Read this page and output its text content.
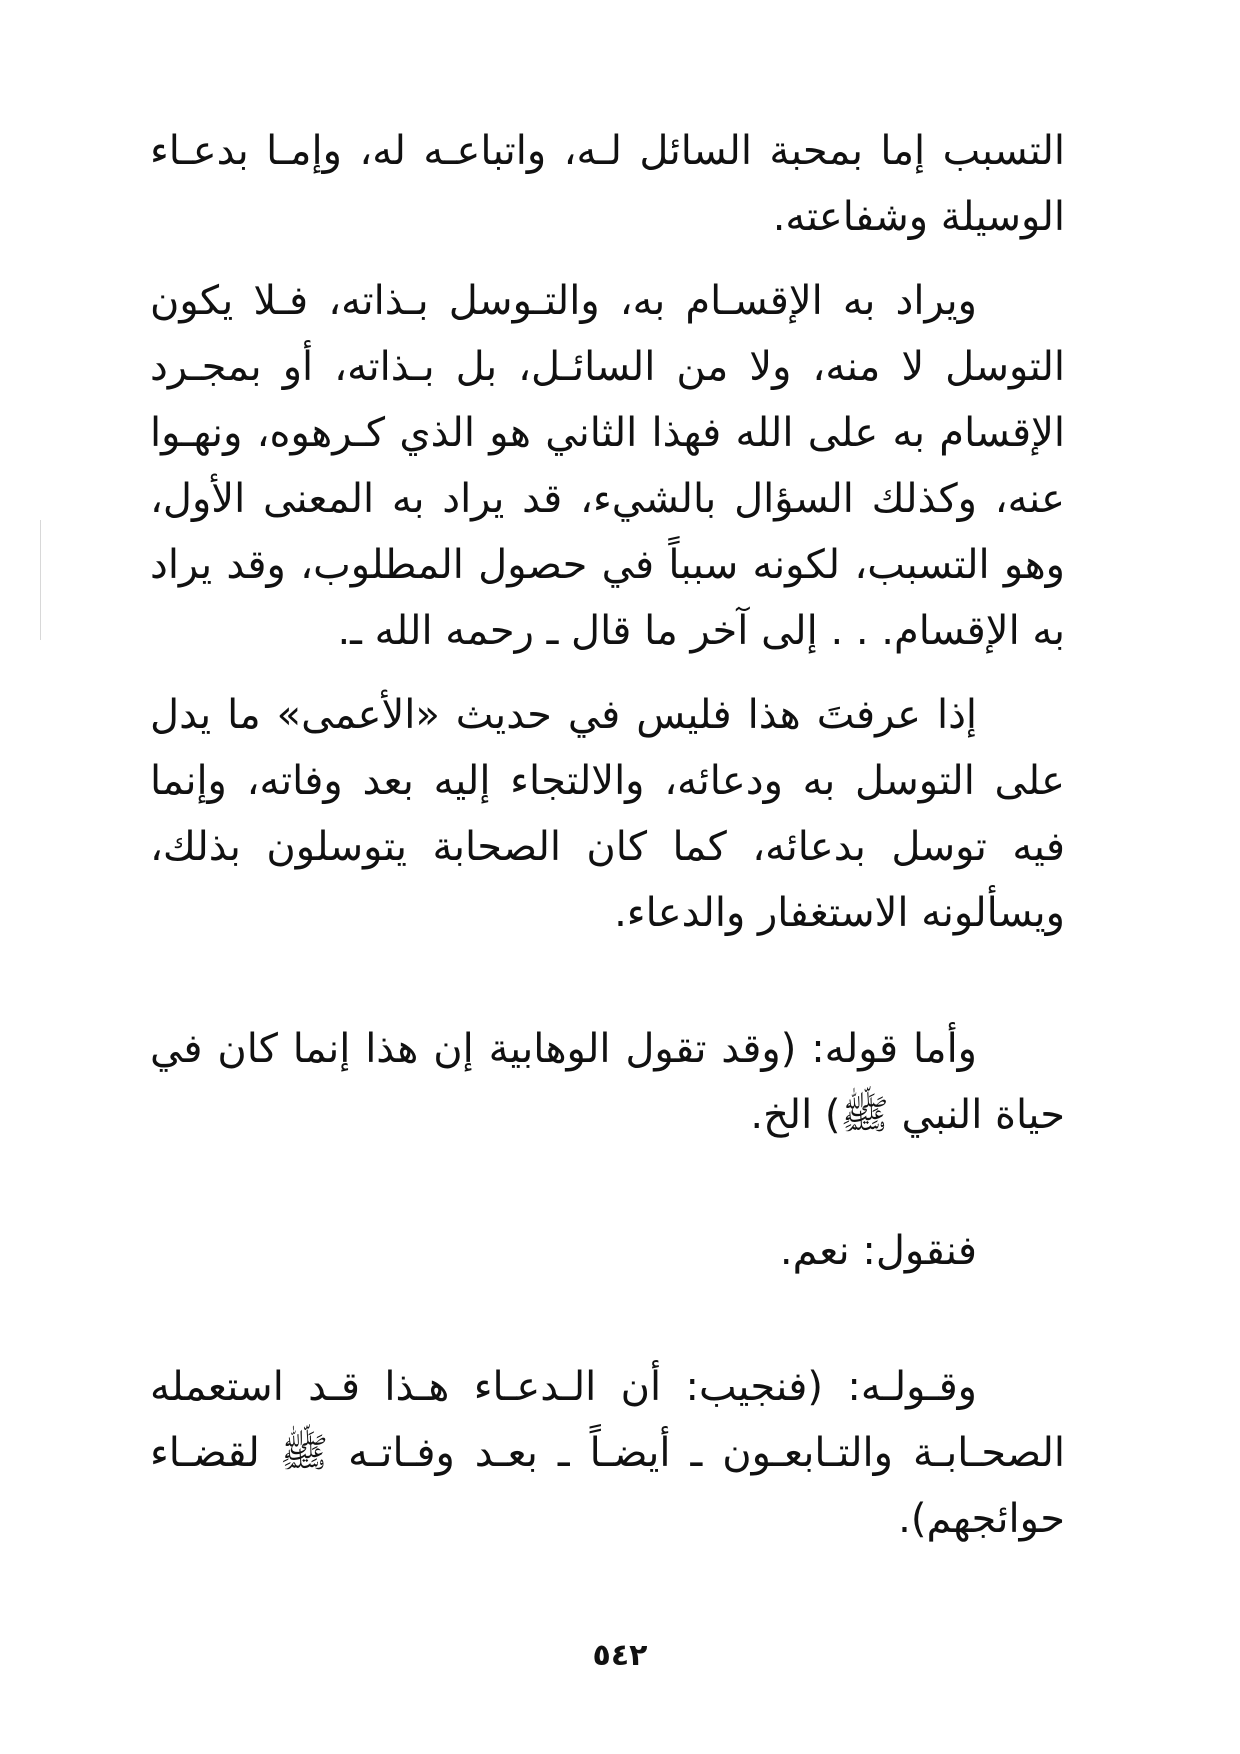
التسبب إما بمحبة السائل لـه، واتباعـه له، وإمـا بدعـاء الوسيلة وشفاعته.

ويراد به الإقسـام به، والتـوسل بـذاته، فـلا يكون التوسل لا منه، ولا من السائـل، بل بـذاته، أو بمجـرد الإقسام به على الله فهذا الثاني هو الذي كـرهوه، ونهـوا عنه، وكذلك السؤال بالشيء، قد يراد به المعنى الأول، وهو التسبب، لكونه سبباً في حصول المطلوب، وقد يراد به الإقسام. . . إلى آخر ما قال ـ رحمه الله ـ.

إذا عرفتَ هذا فليس في حديث «الأعمى» ما يدل على التوسل به ودعائه، والالتجاء إليه بعد وفاته، وإنما فيه توسل بدعائه، كما كان الصحابة يتوسلون بذلك، ويسألونه الاستغفار والدعاء.

وأما قوله: (وقد تقول الوهابية إن هذا إنما كان في حياة النبي ﷺ) الخ.

فنقول: نعم.

وقـولـه: (فنجيب: أن الـدعـاء هـذا قـد استعمله الصحـابـة والتـابعـون ـ أيضـاً ـ بعـد وفـاتـه ﷺ لقضـاء حوائجهم).

٥٤٢
